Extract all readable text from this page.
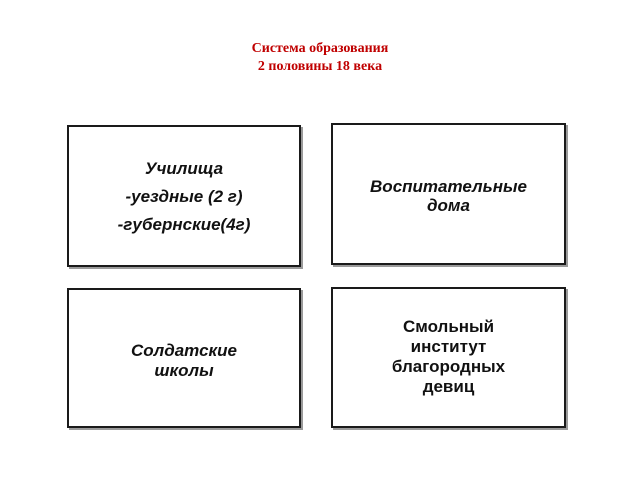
Система образования
2 половины 18 века
Училища
-уездные (2 г)
-губернские(4г)
Воспитательные
дома
Солдатские
школы
Смольный
институт
благородных
девиц
